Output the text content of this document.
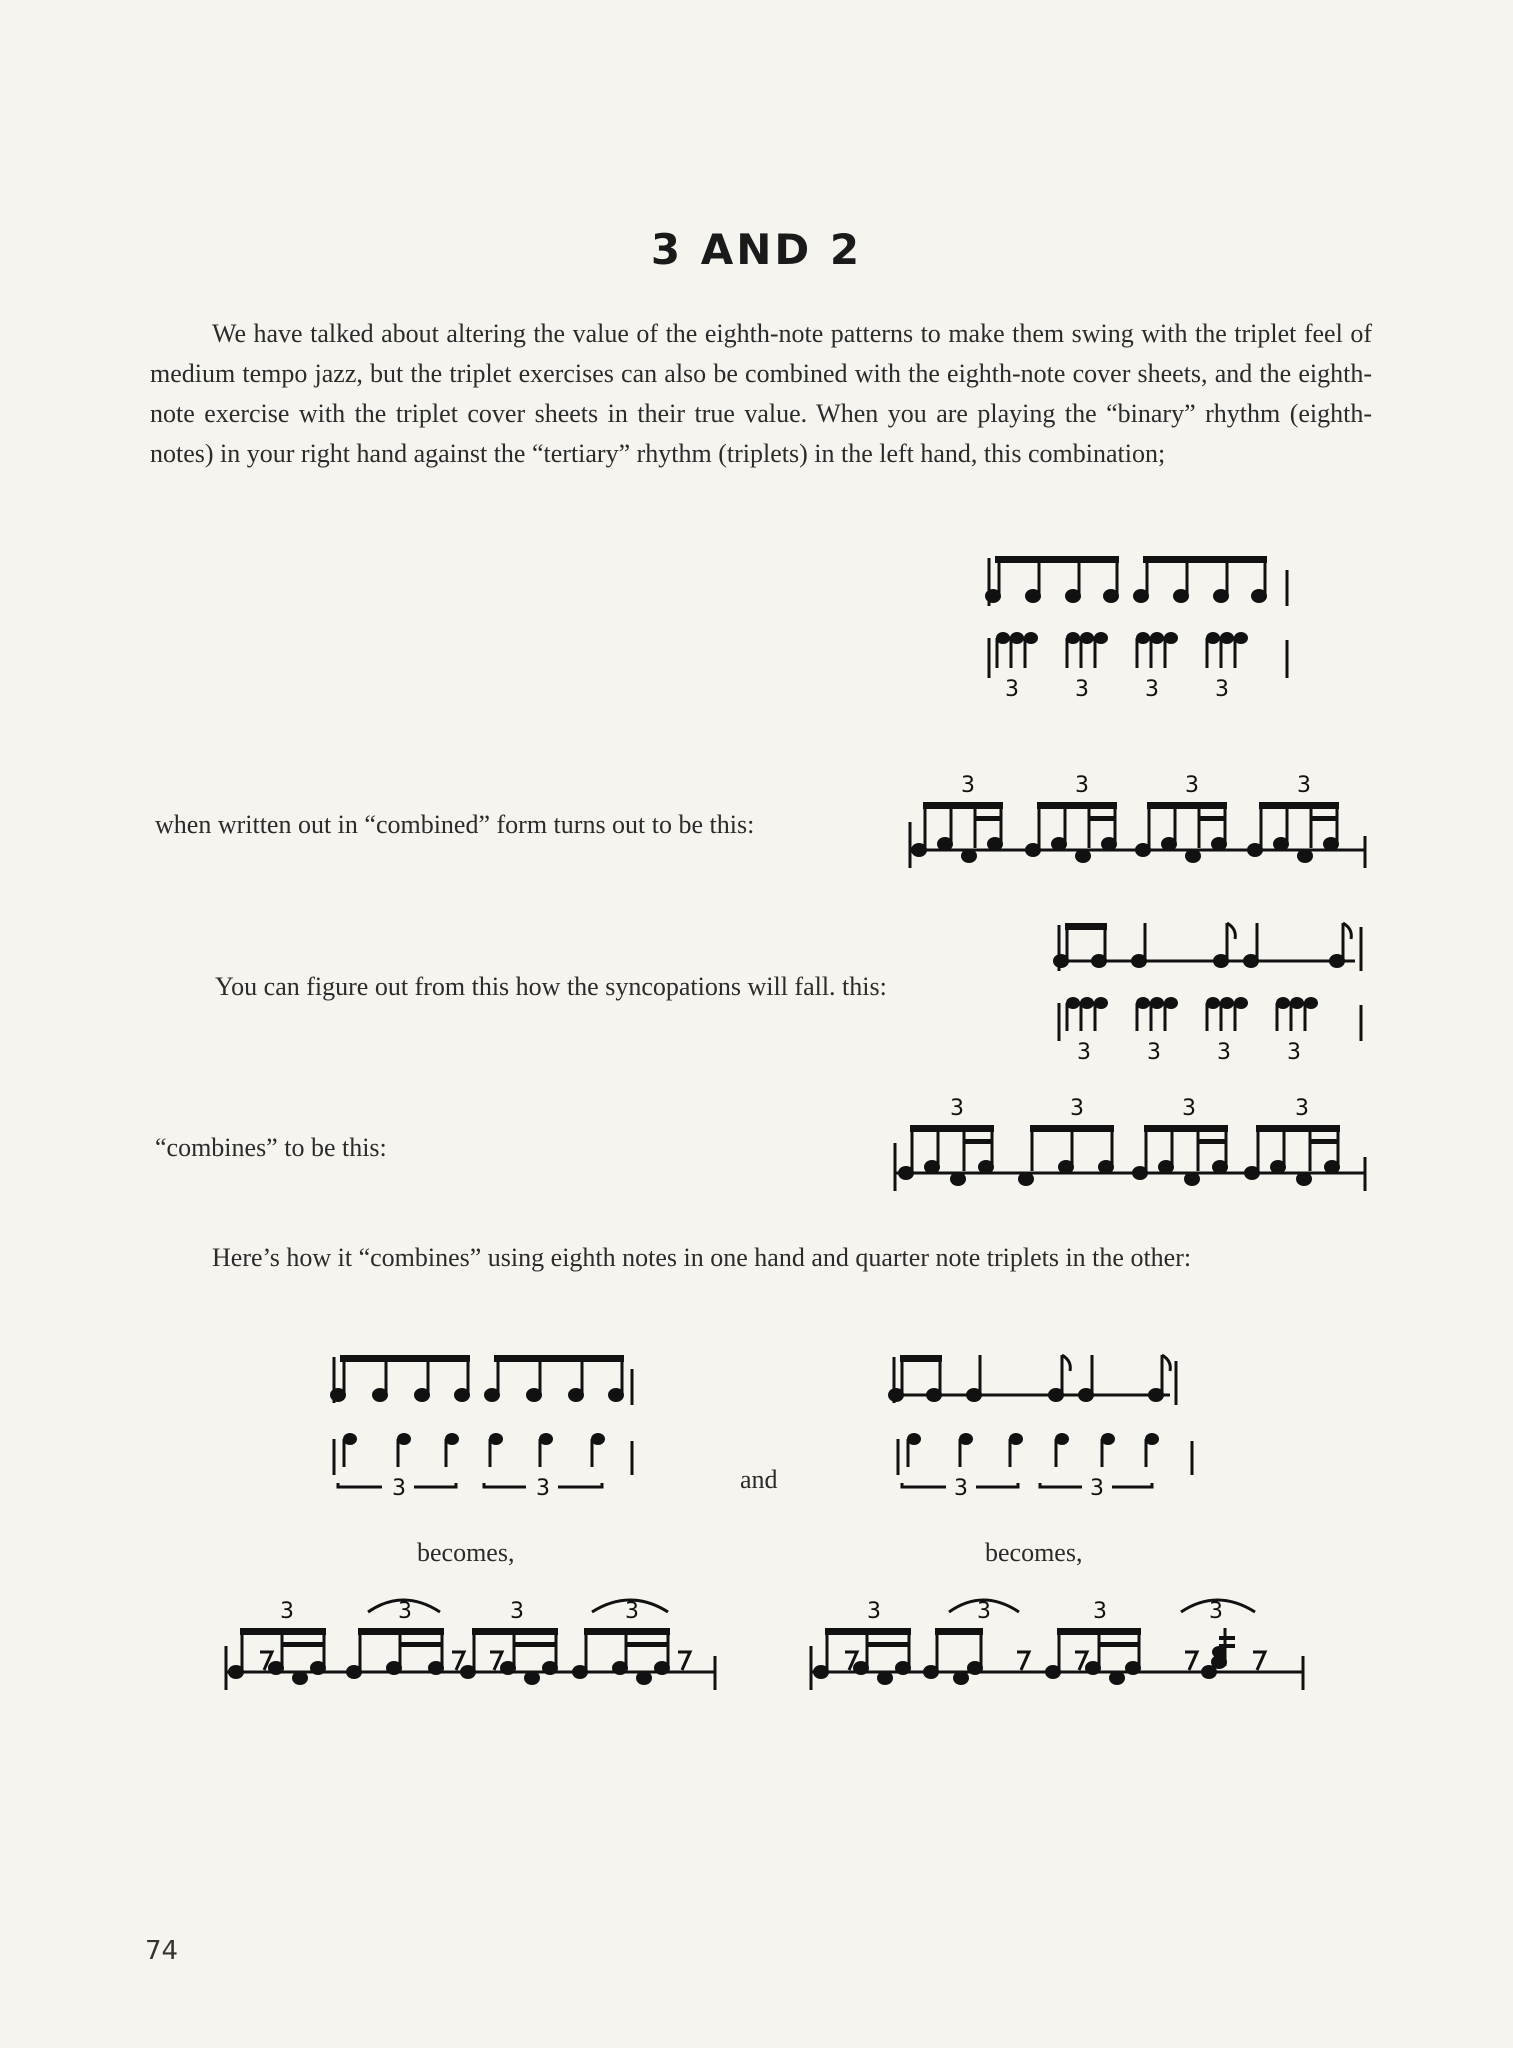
3 AND 2
We have talked about altering the value of the eighth-note patterns to make them swing with the triplet feel of medium tempo jazz, but the triplet exercises can also be combined with the eighth-note cover sheets, and the eighth-note exercise with the triplet cover sheets in their true value. When you are playing the “binary” rhythm (eighth-notes) in your right hand against the “tertiary” rhythm (triplets) in the left hand, this combination;
3	3	3	3
when written out in “combined” form turns out to be this:
3	3	3	3
You can figure out from this how the syncopations will fall. this:
3	3	3	3
“combines” to be this:
3	3	3	3
Here’s how it “combines” using eighth notes in one hand and quarter note triplets in the other:
3	3	and	3	3
becomes,	becomes,
3	3	3	3	3	3	3	3
74
